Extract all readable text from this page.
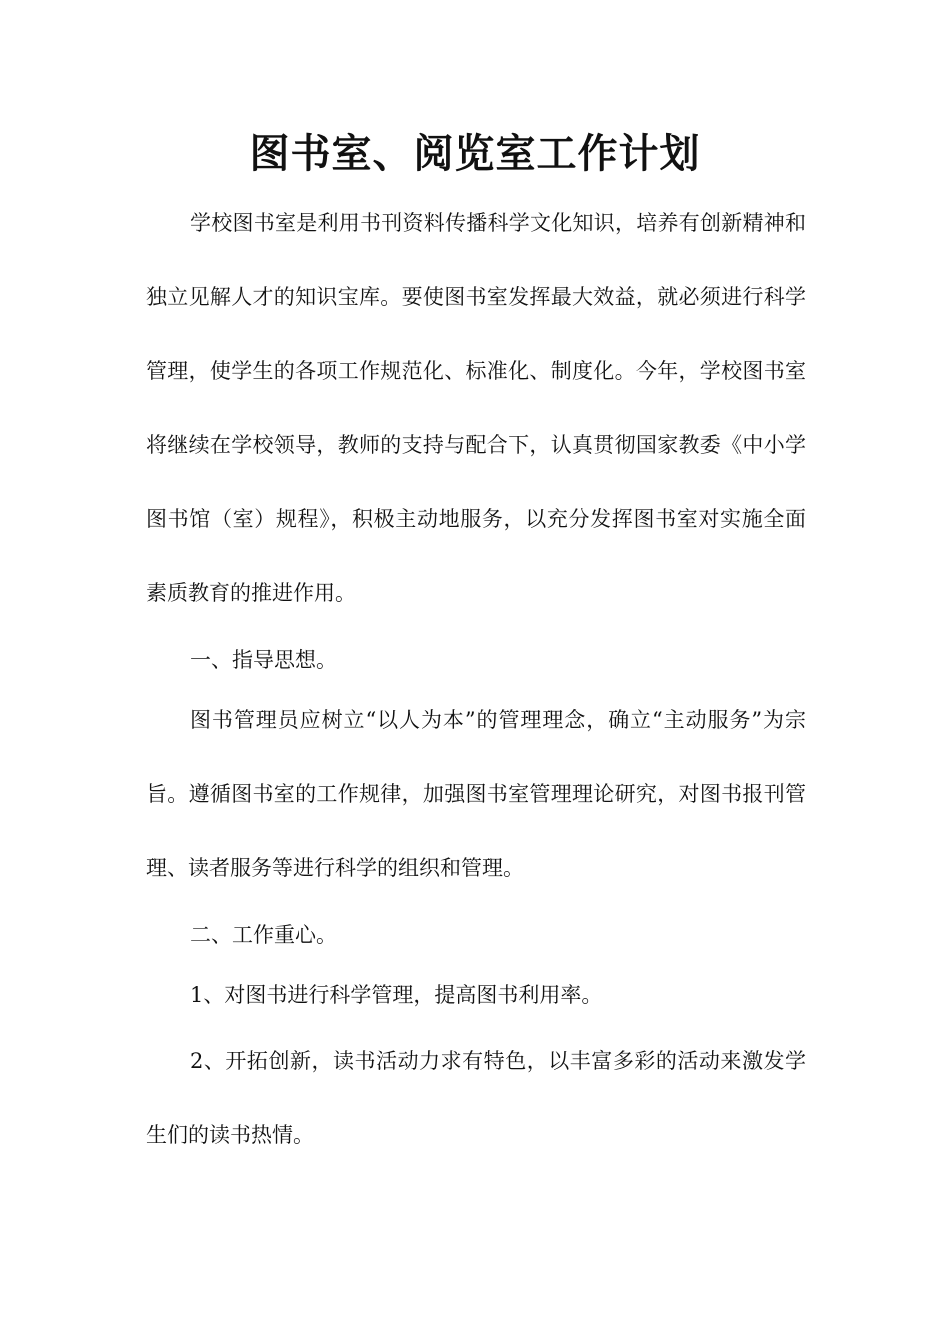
图书室、阅览室工作计划

学校图书室是利用书刊资料传播科学文化知识，培养有创新精神和独立见解人才的知识宝库。要使图书室发挥最大效益，就必须进行科学管理，使学生的各项工作规范化、标准化、制度化。今年，学校图书室将继续在学校领导，教师的支持与配合下，认真贯彻国家教委《中小学图书馆（室）规程》，积极主动地服务，以充分发挥图书室对实施全面素质教育的推进作用。

一、指导思想。

图书管理员应树立“以人为本”的管理理念，确立“主动服务”为宗旨。遵循图书室的工作规律，加强图书室管理理论研究，对图书报刊管理、读者服务等进行科学的组织和管理。

二、工作重心。

1、对图书进行科学管理，提高图书利用率。

2、开拓创新，读书活动力求有特色，以丰富多彩的活动来激发学生们的读书热情。
